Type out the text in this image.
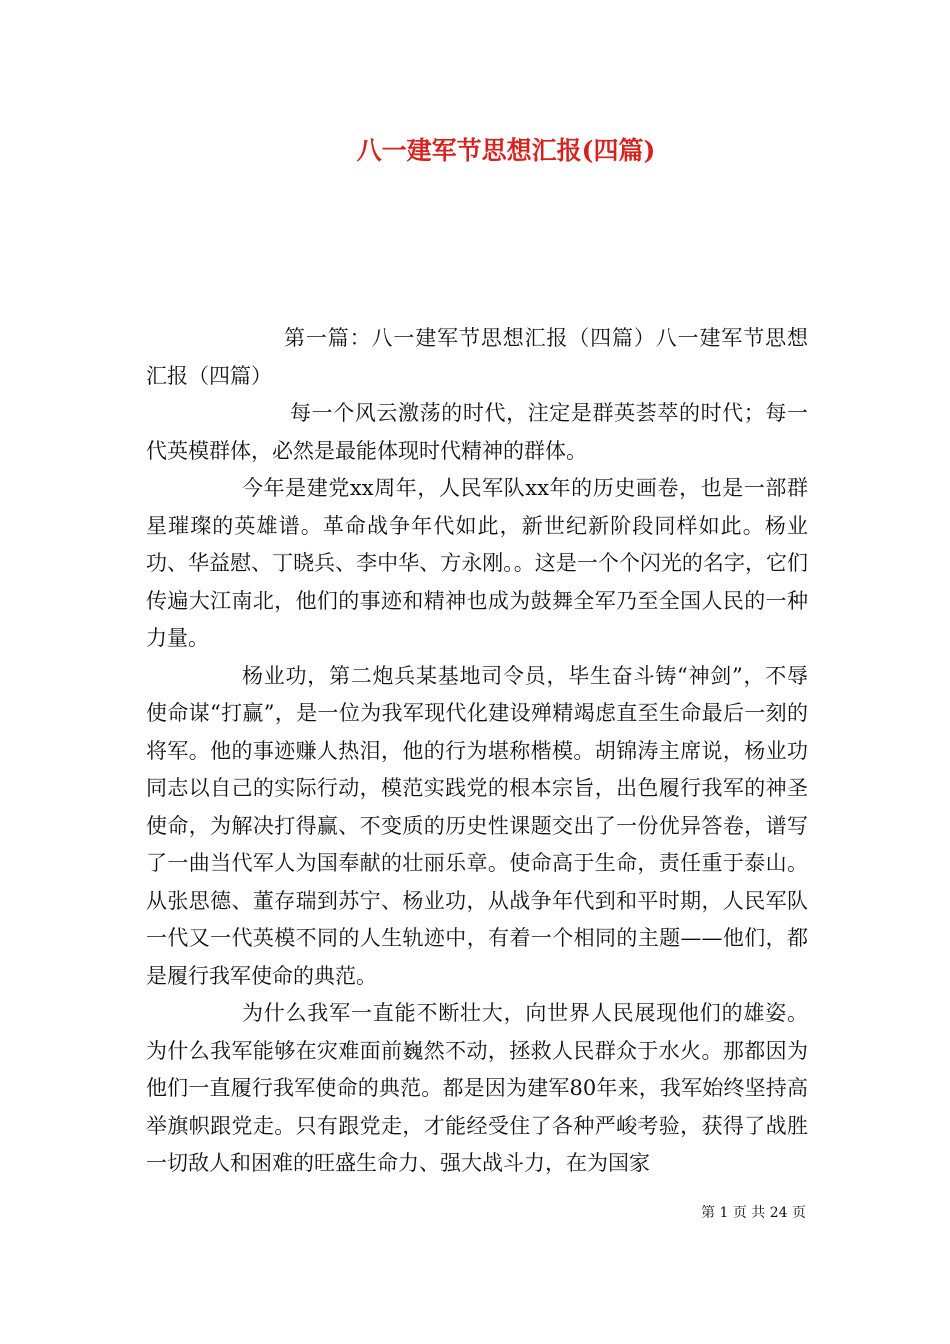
八一建军节思想汇报(四篇)

第一篇：八一建军节思想汇报（四篇）八一建军节思想汇报（四篇）

每一个风云激荡的时代，注定是群英荟萃的时代；每一代英模群体，必然是最能体现时代精神的群体。

今年是建党xx周年，人民军队xx年的历史画卷，也是一部群星璀璨的英雄谱。革命战争年代如此，新世纪新阶段同样如此。杨业功、华益慰、丁晓兵、李中华、方永刚。。这是一个个闪光的名字，它们传遍大江南北，他们的事迹和精神也成为鼓舞全军乃至全国人民的一种力量。

杨业功，第二炮兵某基地司令员，毕生奋斗铸“神剑”，不辱使命谋“打赢”，是一位为我军现代化建设殚精竭虑直至生命最后一刻的将军。他的事迹赚人热泪，他的行为堪称楷模。胡锦涛主席说，杨业功同志以自己的实际行动，模范实践党的根本宗旨，出色履行我军的神圣使命，为解决打得赢、不变质的历史性课题交出了一份优异答卷，谱写了一曲当代军人为国奉献的壮丽乐章。使命高于生命，责任重于泰山。从张思德、董存瑞到苏宁、杨业功，从战争年代到和平时期，人民军队一代又一代英模不同的人生轨迹中，有着一个相同的主题——他们，都是履行我军使命的典范。

为什么我军一直能不断壮大，向世界人民展现他们的雄姿。为什么我军能够在灾难面前巍然不动，拯救人民群众于水火。那都因为他们一直履行我军使命的典范。都是因为建军80年来，我军始终坚持高举旗帜跟党走。只有跟党走，才能经受住了各种严峻考验，获得了战胜一切敌人和困难的旺盛生命力、强大战斗力，在为国家

第 1 页 共 24 页
